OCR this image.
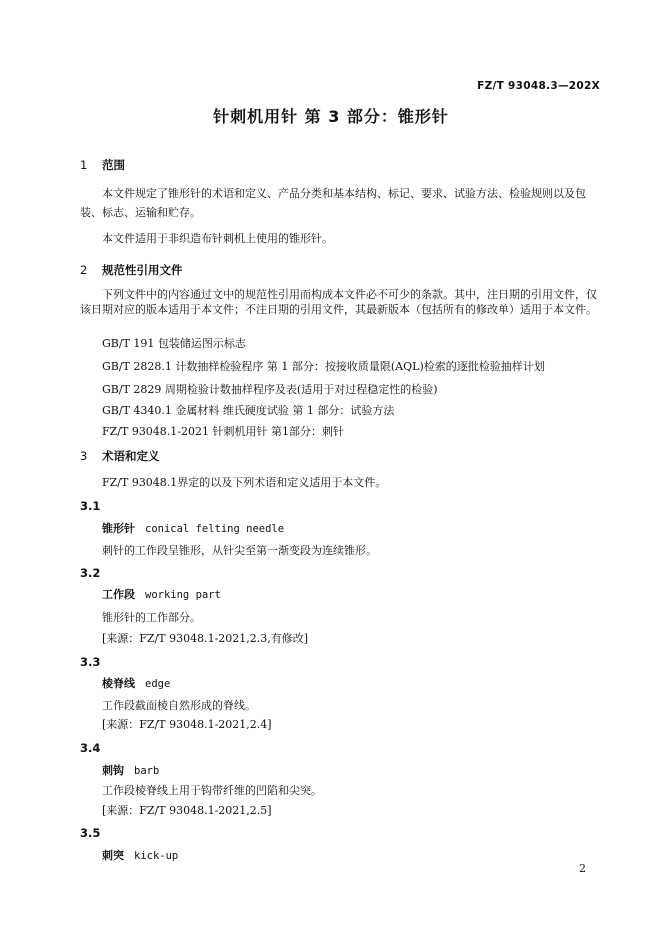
FZ/T 93048.3—202X
针刺机用针 第 3 部分：锥形针
1 范围
本文件规定了锥形针的术语和定义、产品分类和基本结构、标记、要求、试验方法、检验规则以及包装、标志、运输和贮存。
本文件适用于非织造布针刺机上使用的锥形针。
2 规范性引用文件
下列文件中的内容通过文中的规范性引用而构成本文件必不可少的条款。其中，注日期的引用文件，仅该日期对应的版本适用于本文件；不注日期的引用文件，其最新版本（包括所有的修改单）适用于本文件。
GB/T 191 包装储运图示标志
GB/T 2828.1 计数抽样检验程序 第 1 部分：按接收质量限(AQL)检索的逐批检验抽样计划
GB/T 2829 周期检验计数抽样程序及表(适用于对过程稳定性的检验)
GB/T 4340.1 金属材料 维氏硬度试验 第 1 部分：试验方法
FZ/T 93048.1-2021 针刺机用针 第1部分：刺针
3 术语和定义
FZ/T 93048.1界定的以及下列术语和定义适用于本文件。
3.1
锥形针 conical felting needle
刺针的工作段呈锥形，从针尖至第一渐变段为连续锥形。
3.2
工作段 working part
锥形针的工作部分。
[来源：FZ/T 93048.1-2021,2.3,有修改]
3.3
棱脊线 edge
工作段截面棱自然形成的脊线。
[来源：FZ/T 93048.1-2021,2.4]
3.4
刺钩 barb
工作段棱脊线上用于钩带纤维的凹陷和尖突。
[来源：FZ/T 93048.1-2021,2.5]
3.5
刺突 kick-up
2
